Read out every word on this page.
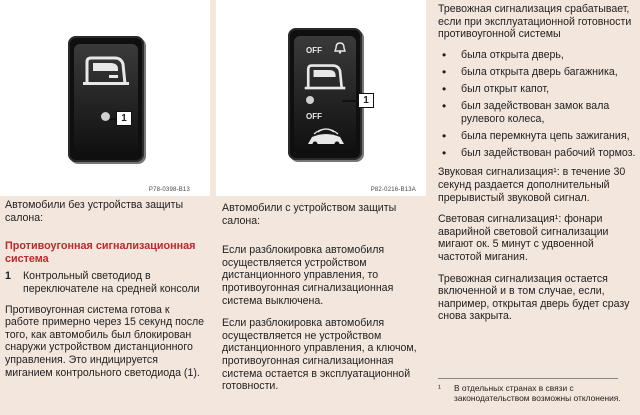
1
P78-0398-B13

Автомобили без устройства защиты салона:

Противоугонная сигнализационная система

1	Контрольный светодиод в переключателе на средней консоли

Противоугонная система готова к работе примерно через 15 секунд после того, как автомобиль был блокирован снаружи устройством дистанционного управления. Это индицируется миганием контрольного светодиода (1).

OFF
OFF
1
P82-0216-B13A

Автомобили с устройством защиты салона:

Если разблокировка автомобиля осуществляется устройством дистанционного управления, то противоугонная сигнализационная система выключена.

Если разблокировка автомобиля осуществляется не устройством дистанционного управления, а ключом, противоугонная сигнализационная система остается в эксплуатационной готовности.

Тревожная сигнализация срабатывает, если при эксплуатационной готовности противоугонной системы

•	была открыта дверь,
•	была открыта дверь багажника,
•	был открыт капот,
•	был задействован замок вала рулевого колеса,
•	была перемкнута цепь зажигания,
•	был задействован рабочий тормоз.

Звуковая сигнализация¹: в течение 30 секунд раздается дополнительный прерывистый звуковой сигнал.

Световая сигнализация¹: фонари аварийной световой сигнализации мигают ок. 5 минут с удвоенной частотой мигания.

Тревожная сигнализация остается включенной и в том случае, если, например, открытая дверь будет сразу снова закрыта.

¹	В отдельных странах в связи с законодательством возможны отклонения.
